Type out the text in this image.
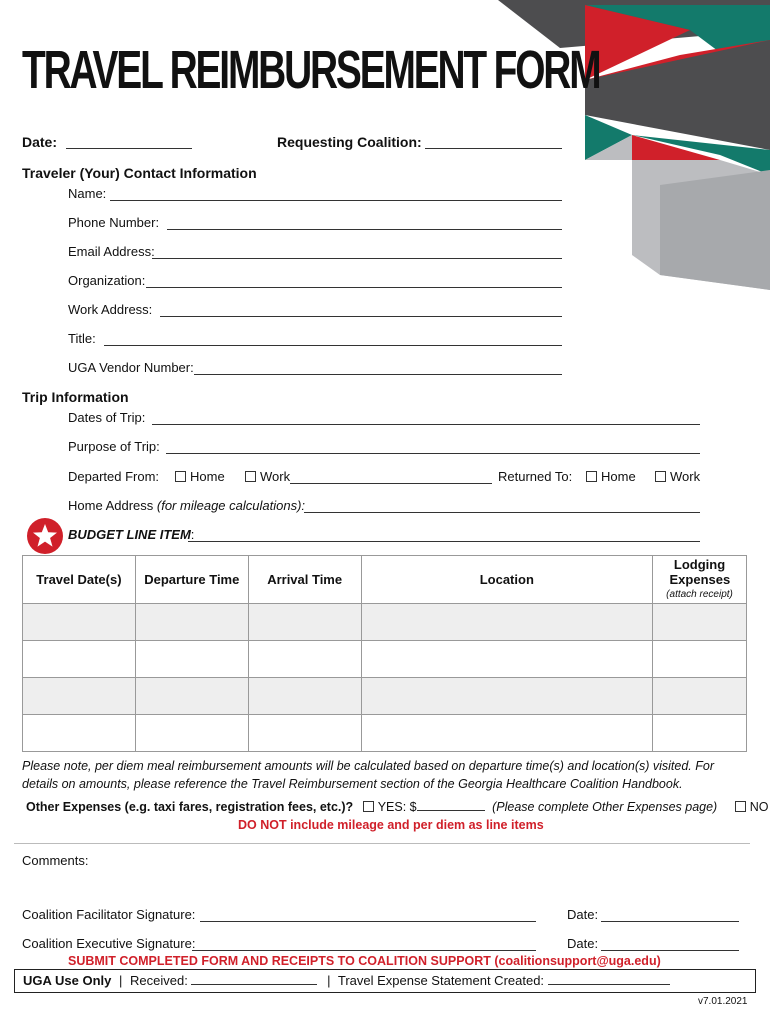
TRAVEL REIMBURSEMENT FORM
Date:	Requesting Coalition:
Traveler (Your) Contact Information
Name:
Phone Number:
Email Address:
Organization:
Work Address:
Title:
UGA Vendor Number:
Trip Information
Dates of Trip:
Purpose of Trip:
Departed From:	Home	Work	Returned To:	Home	Work
Home Address (for mileage calculations):
BUDGET LINE ITEM:
Travel Date(s)	Departure Time	Arrival Time	Location	Lodging Expenses
(attach receipt)

Please note, per diem meal reimbursement amounts will be calculated based on departure time(s) and location(s) visited. For details on amounts, please reference the Travel Reimbursement section of the Georgia Healthcare Coalition Handbook.
Other Expenses (e.g. taxi fares, registration fees, etc.)? YES: $	(Please complete Other Expenses page)	NO
DO NOT include mileage and per diem as line items
Comments:
Coalition Facilitator Signature:	Date:
Coalition Executive Signature:	Date:
SUBMIT COMPLETED FORM AND RECEIPTS TO COALITION SUPPORT (coalitionsupport@uga.edu)
UGA Use Only | Received:	| Travel Expense Statement Created:
v7.01.2021
